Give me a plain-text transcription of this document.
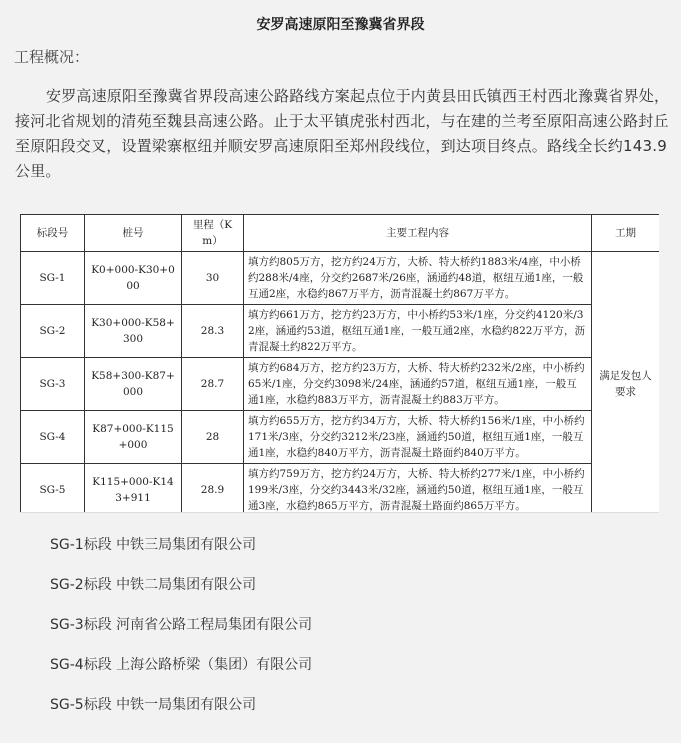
安罗高速原阳至豫冀省界段
工程概况：
安罗高速原阳至豫冀省界段高速公路路线方案起点位于内黄县田氏镇西王村西北豫冀省界处，接河北省规划的清苑至魏县高速公路。止于太平镇虎张村西北，与在建的兰考至原阳高速公路封丘至原阳段交叉，设置梁寨枢纽并顺安罗高速原阳至郑州段线位，到达项目终点。路线全长约143.9公里。
标段号	桩号	里程（Km）	主要工程内容	工期
SG-1	K0+000-K30+000	30	填方约805万方，挖方约24万方，大桥、特大桥约1883米/4座，中小桥约288米/4座，分交约2687米/26座，涵通约48道，枢纽互通1座，一般互通2座，水稳约867万平方，沥青混凝土约867万平方。	满足发包人要求
SG-2	K30+000-K58+300	28.3	填方约661万方，挖方约23万方，中小桥约53米/1座，分交约4120米/32座，涵通约53道，枢纽互通1座，一般互通2座，水稳约822万平方，沥青混凝土约822万平方。	
SG-3	K58+300-K87+000	28.7	填方约684万方，挖方约23万方，大桥、特大桥约232米/2座，中小桥约65米/1座，分交约3098米/24座，涵通约57道，枢纽互通1座，一般互通1座，水稳约883万平方，沥青混凝土约883万平方。	
SG-4	K87+000-K115+000	28	填方约655万方，挖方约34万方，大桥、特大桥约156米/1座，中小桥约171米/3座，分交约3212米/23座，涵通约50道，枢纽互通1座，一般互通1座，水稳约840万平方，沥青混凝土路面约840万平方。	
SG-5	K115+000-K143+911	28.9	填方约759万方，挖方约24万方，大桥、特大桥约277米/1座，中小桥约199米/3座，分交约3443米/32座，涵通约50道，枢纽互通1座，一般互通3座，水稳约865万平方，沥青混凝土路面约865万平方。	
SG-1标段 中铁三局集团有限公司
SG-2标段 中铁二局集团有限公司
SG-3标段 河南省公路工程局集团有限公司
SG-4标段 上海公路桥梁（集团）有限公司
SG-5标段 中铁一局集团有限公司
